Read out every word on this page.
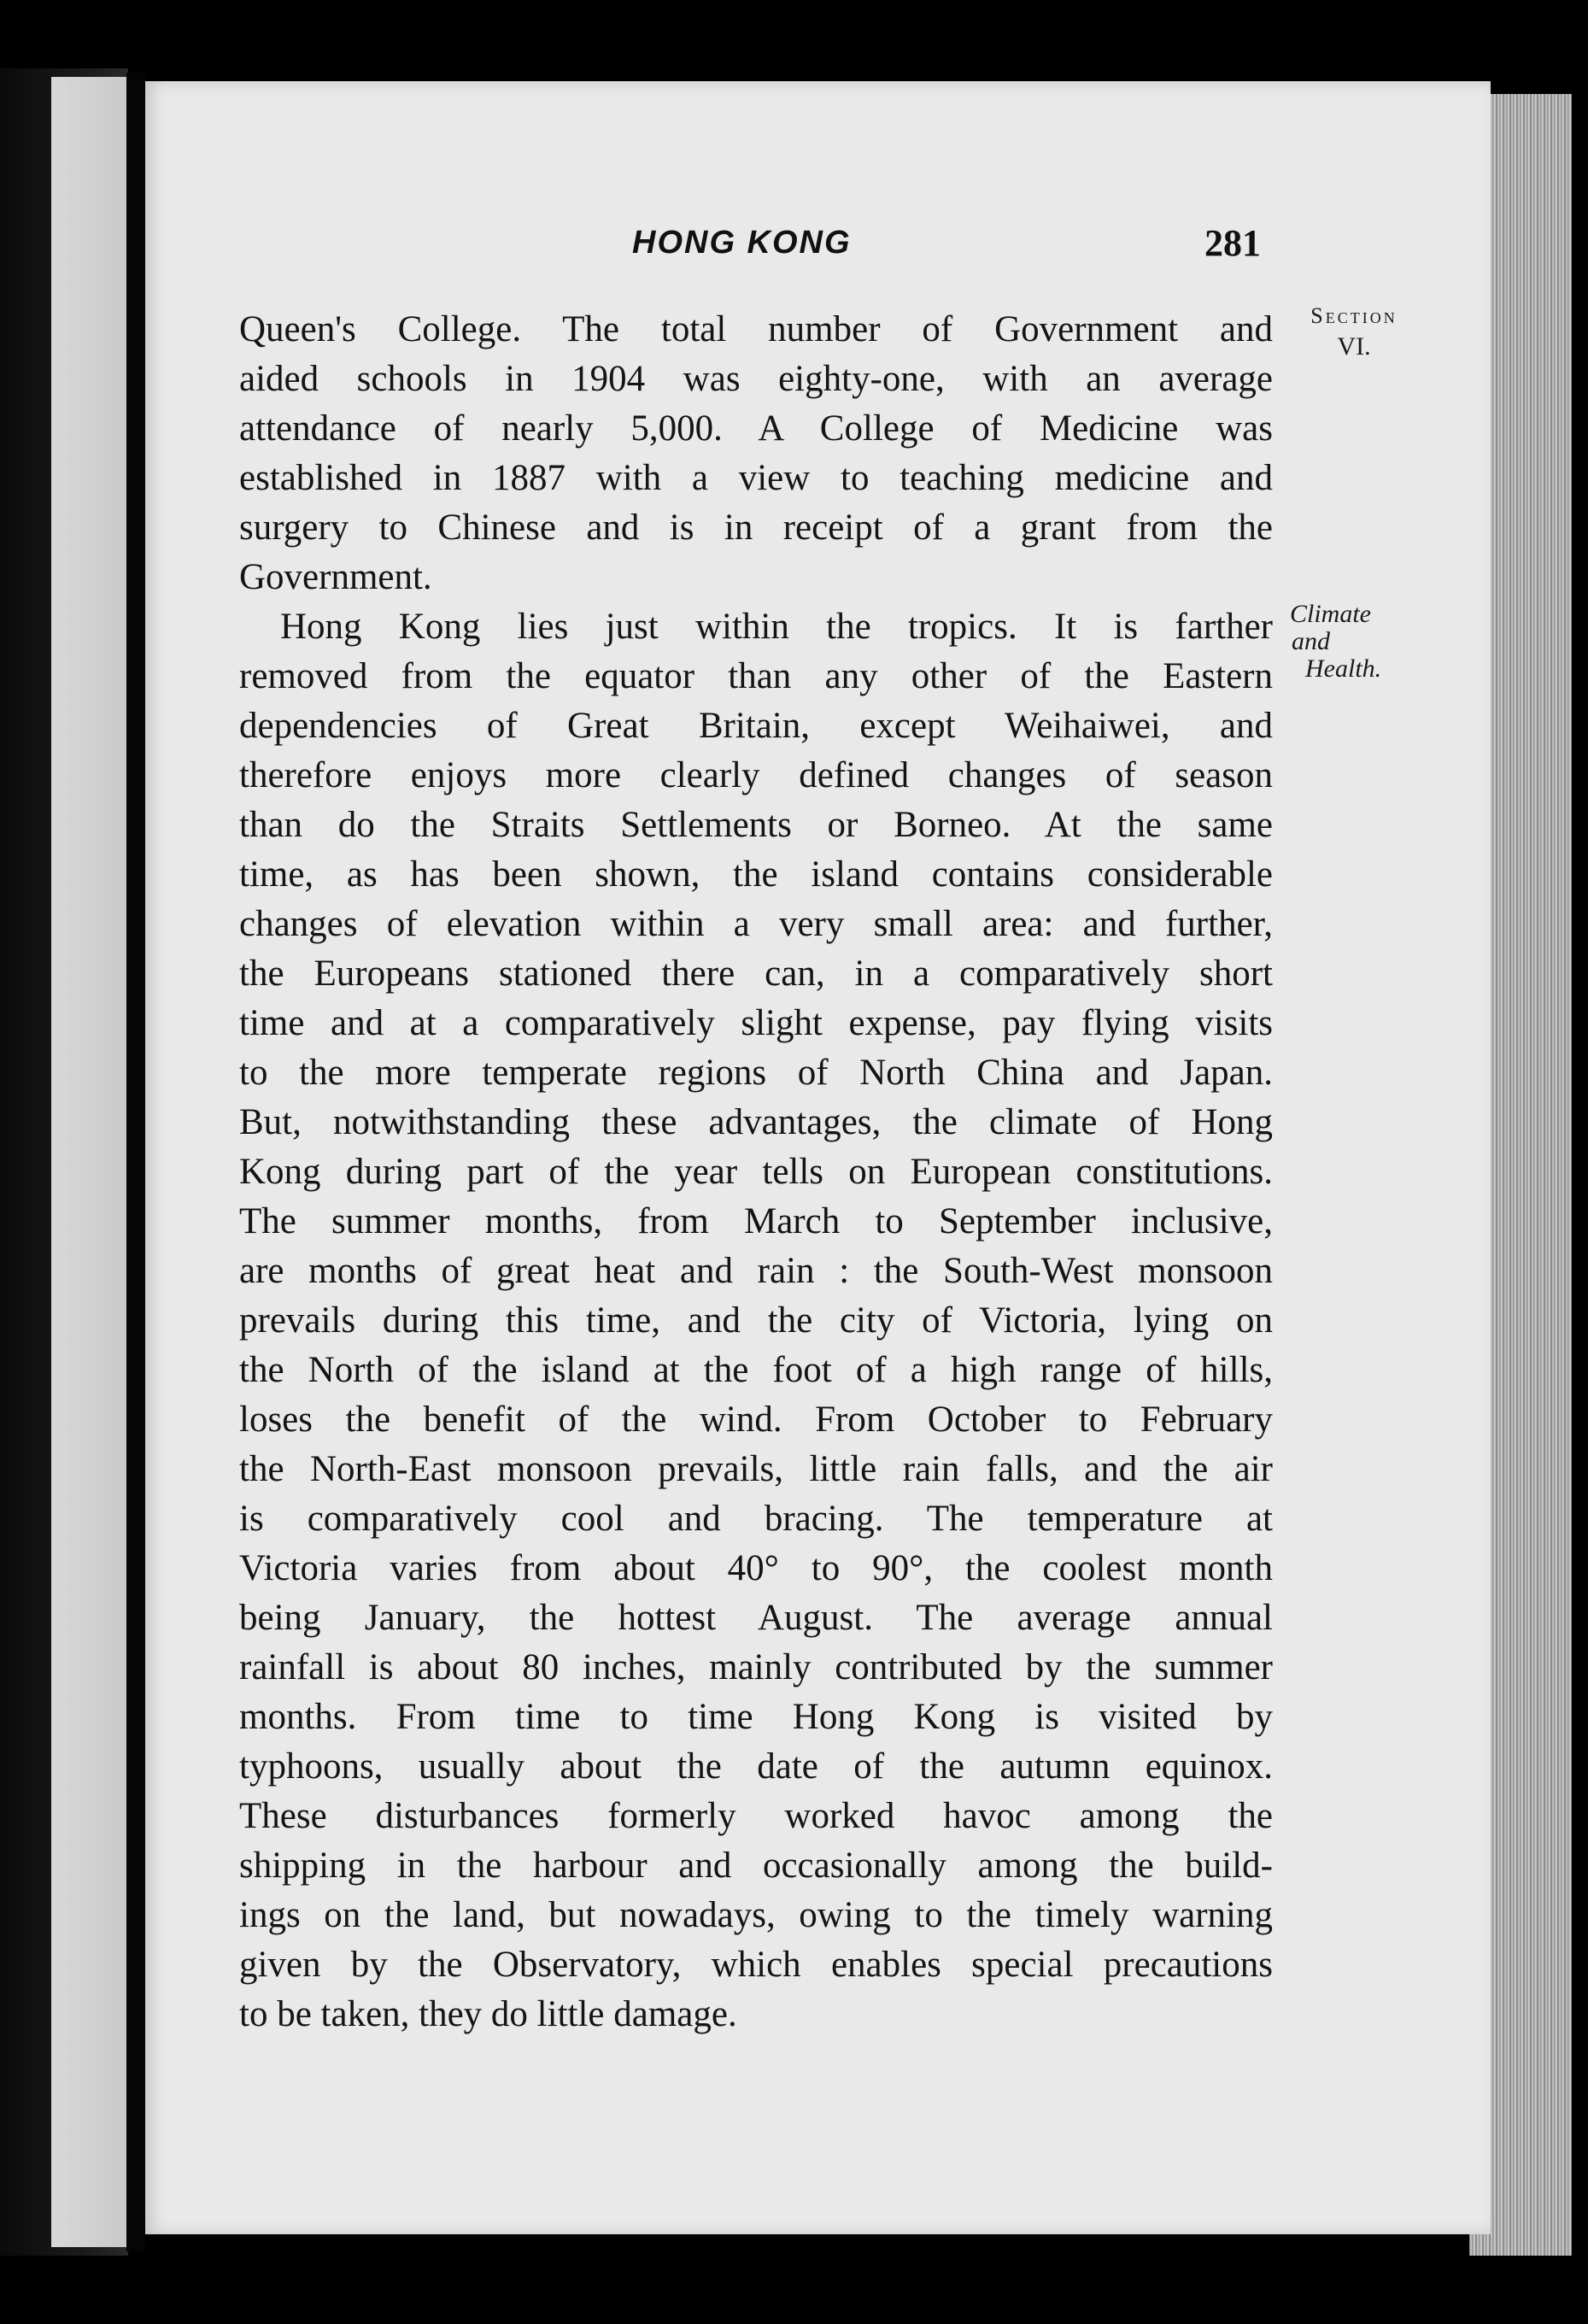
HONG KONG	281
Section
VI.
Climate
and
Health.

Queen's College. The total number of Government and
aided schools in 1904 was eighty-one, with an average
attendance of nearly 5,000. A College of Medicine was
established in 1887 with a view to teaching medicine and
surgery to Chinese and is in receipt of a grant from the
Government.

Hong Kong lies just within the tropics. It is farther
removed from the equator than any other of the Eastern
dependencies of Great Britain, except Weihaiwei, and
therefore enjoys more clearly defined changes of season
than do the Straits Settlements or Borneo. At the same
time, as has been shown, the island contains considerable
changes of elevation within a very small area: and further,
the Europeans stationed there can, in a comparatively short
time and at a comparatively slight expense, pay flying visits
to the more temperate regions of North China and Japan.
But, notwithstanding these advantages, the climate of Hong
Kong during part of the year tells on European constitutions.
The summer months, from March to September inclusive,
are months of great heat and rain : the South-West monsoon
prevails during this time, and the city of Victoria, lying on
the North of the island at the foot of a high range of hills,
loses the benefit of the wind. From October to February
the North-East monsoon prevails, little rain falls, and the air
is comparatively cool and bracing. The temperature at
Victoria varies from about 40° to 90°, the coolest month
being January, the hottest August. The average annual
rainfall is about 80 inches, mainly contributed by the summer
months. From time to time Hong Kong is visited by
typhoons, usually about the date of the autumn equinox.
These disturbances formerly worked havoc among the
shipping in the harbour and occasionally among the build-
ings on the land, but nowadays, owing to the timely warning
given by the Observatory, which enables special precautions
to be taken, they do little damage.
